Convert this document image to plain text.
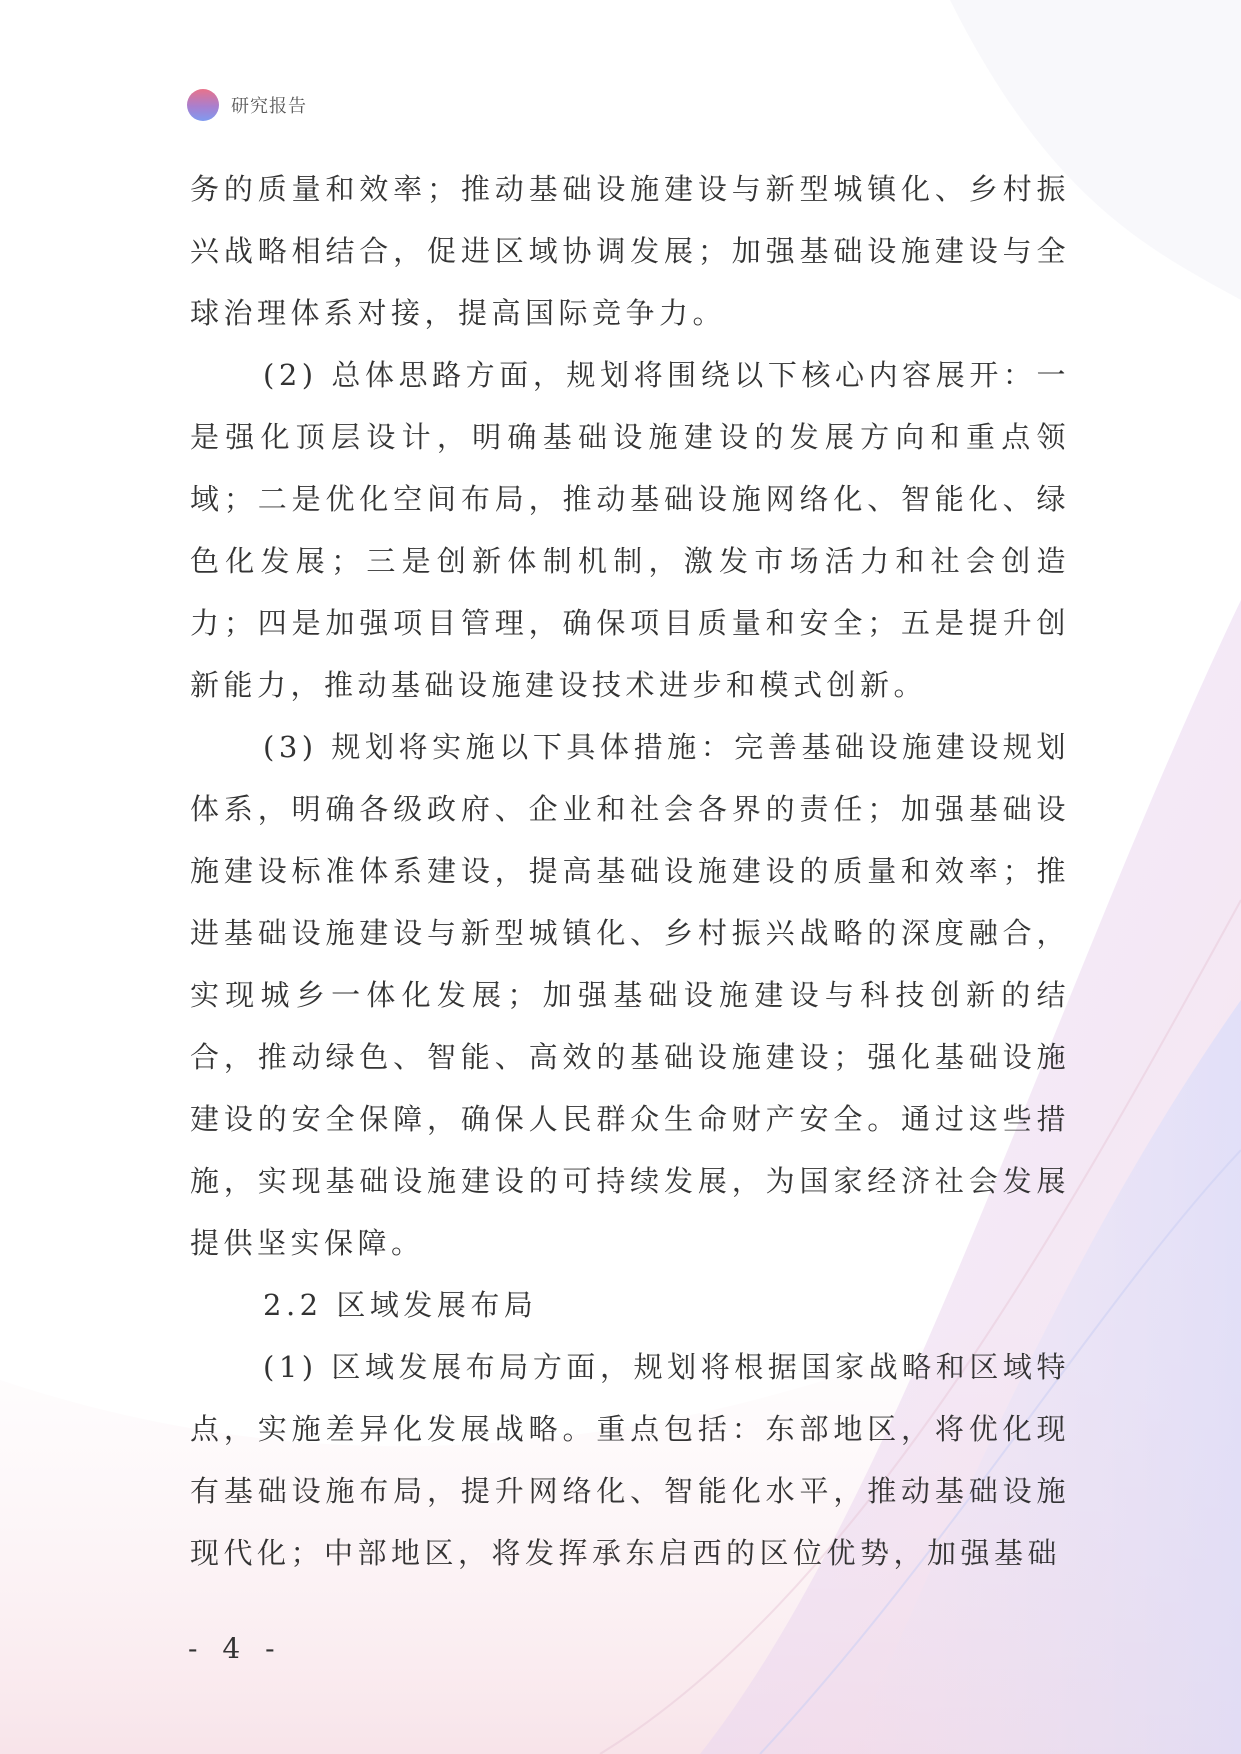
研究报告

务的质量和效率；推动基础设施建设与新型城镇化、乡村振兴战略相结合，促进区域协调发展；加强基础设施建设与全球治理体系对接，提高国际竞争力。

(2) 总体思路方面，规划将围绕以下核心内容展开：一是强化顶层设计，明确基础设施建设的发展方向和重点领域；二是优化空间布局，推动基础设施网络化、智能化、绿色化发展；三是创新体制机制，激发市场活力和社会创造力；四是加强项目管理，确保项目质量和安全；五是提升创新能力，推动基础设施建设技术进步和模式创新。

(3) 规划将实施以下具体措施：完善基础设施建设规划体系，明确各级政府、企业和社会各界的责任；加强基础设施建设标准体系建设，提高基础设施建设的质量和效率；推进基础设施建设与新型城镇化、乡村振兴战略的深度融合，实现城乡一体化发展；加强基础设施建设与科技创新的结合，推动绿色、智能、高效的基础设施建设；强化基础设施建设的安全保障，确保人民群众生命财产安全。通过这些措施，实现基础设施建设的可持续发展，为国家经济社会发展提供坚实保障。

2.2 区域发展布局

(1) 区域发展布局方面，规划将根据国家战略和区域特点，实施差异化发展战略。重点包括：东部地区，将优化现有基础设施布局，提升网络化、智能化水平，推动基础设施现代化；中部地区，将发挥承东启西的区位优势，加强基础

- 4 -
